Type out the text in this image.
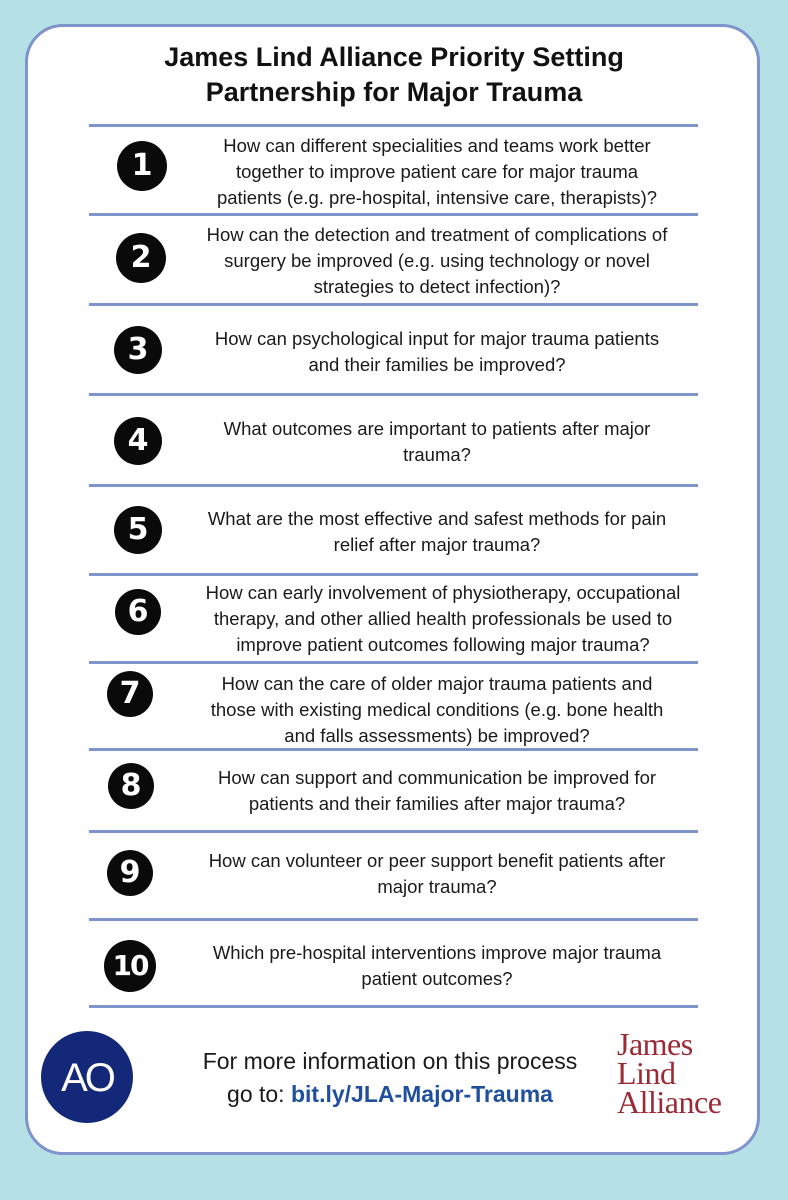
James Lind Alliance Priority Setting
Partnership for Major Trauma
1
How can different specialities and teams work better
together to improve patient care for major trauma
patients (e.g. pre-hospital, intensive care, therapists)?
2
How can the detection and treatment of complications of
surgery be improved (e.g. using technology or novel
strategies to detect infection)?
3	How can psychological input for major trauma patients
and their families be improved?
4	What outcomes are important to patients after major
trauma?
5	What are the most effective and safest methods for pain
relief after major trauma?
6
How can early involvement of physiotherapy, occupational
therapy, and other allied health professionals be used to
improve patient outcomes following major trauma?
7	How can the care of older major trauma patients and
those with existing medical conditions (e.g. bone health
and falls assessments) be improved?
8	How can support and communication be improved for
patients and their families after major trauma?
9	How can volunteer or peer support benefit patients after
major trauma?
10	Which pre-hospital interventions improve major trauma
patient outcomes?
AO	For more information on this process
go to: bit.ly/JLA-Major-Trauma
James
Lind
Alliance
